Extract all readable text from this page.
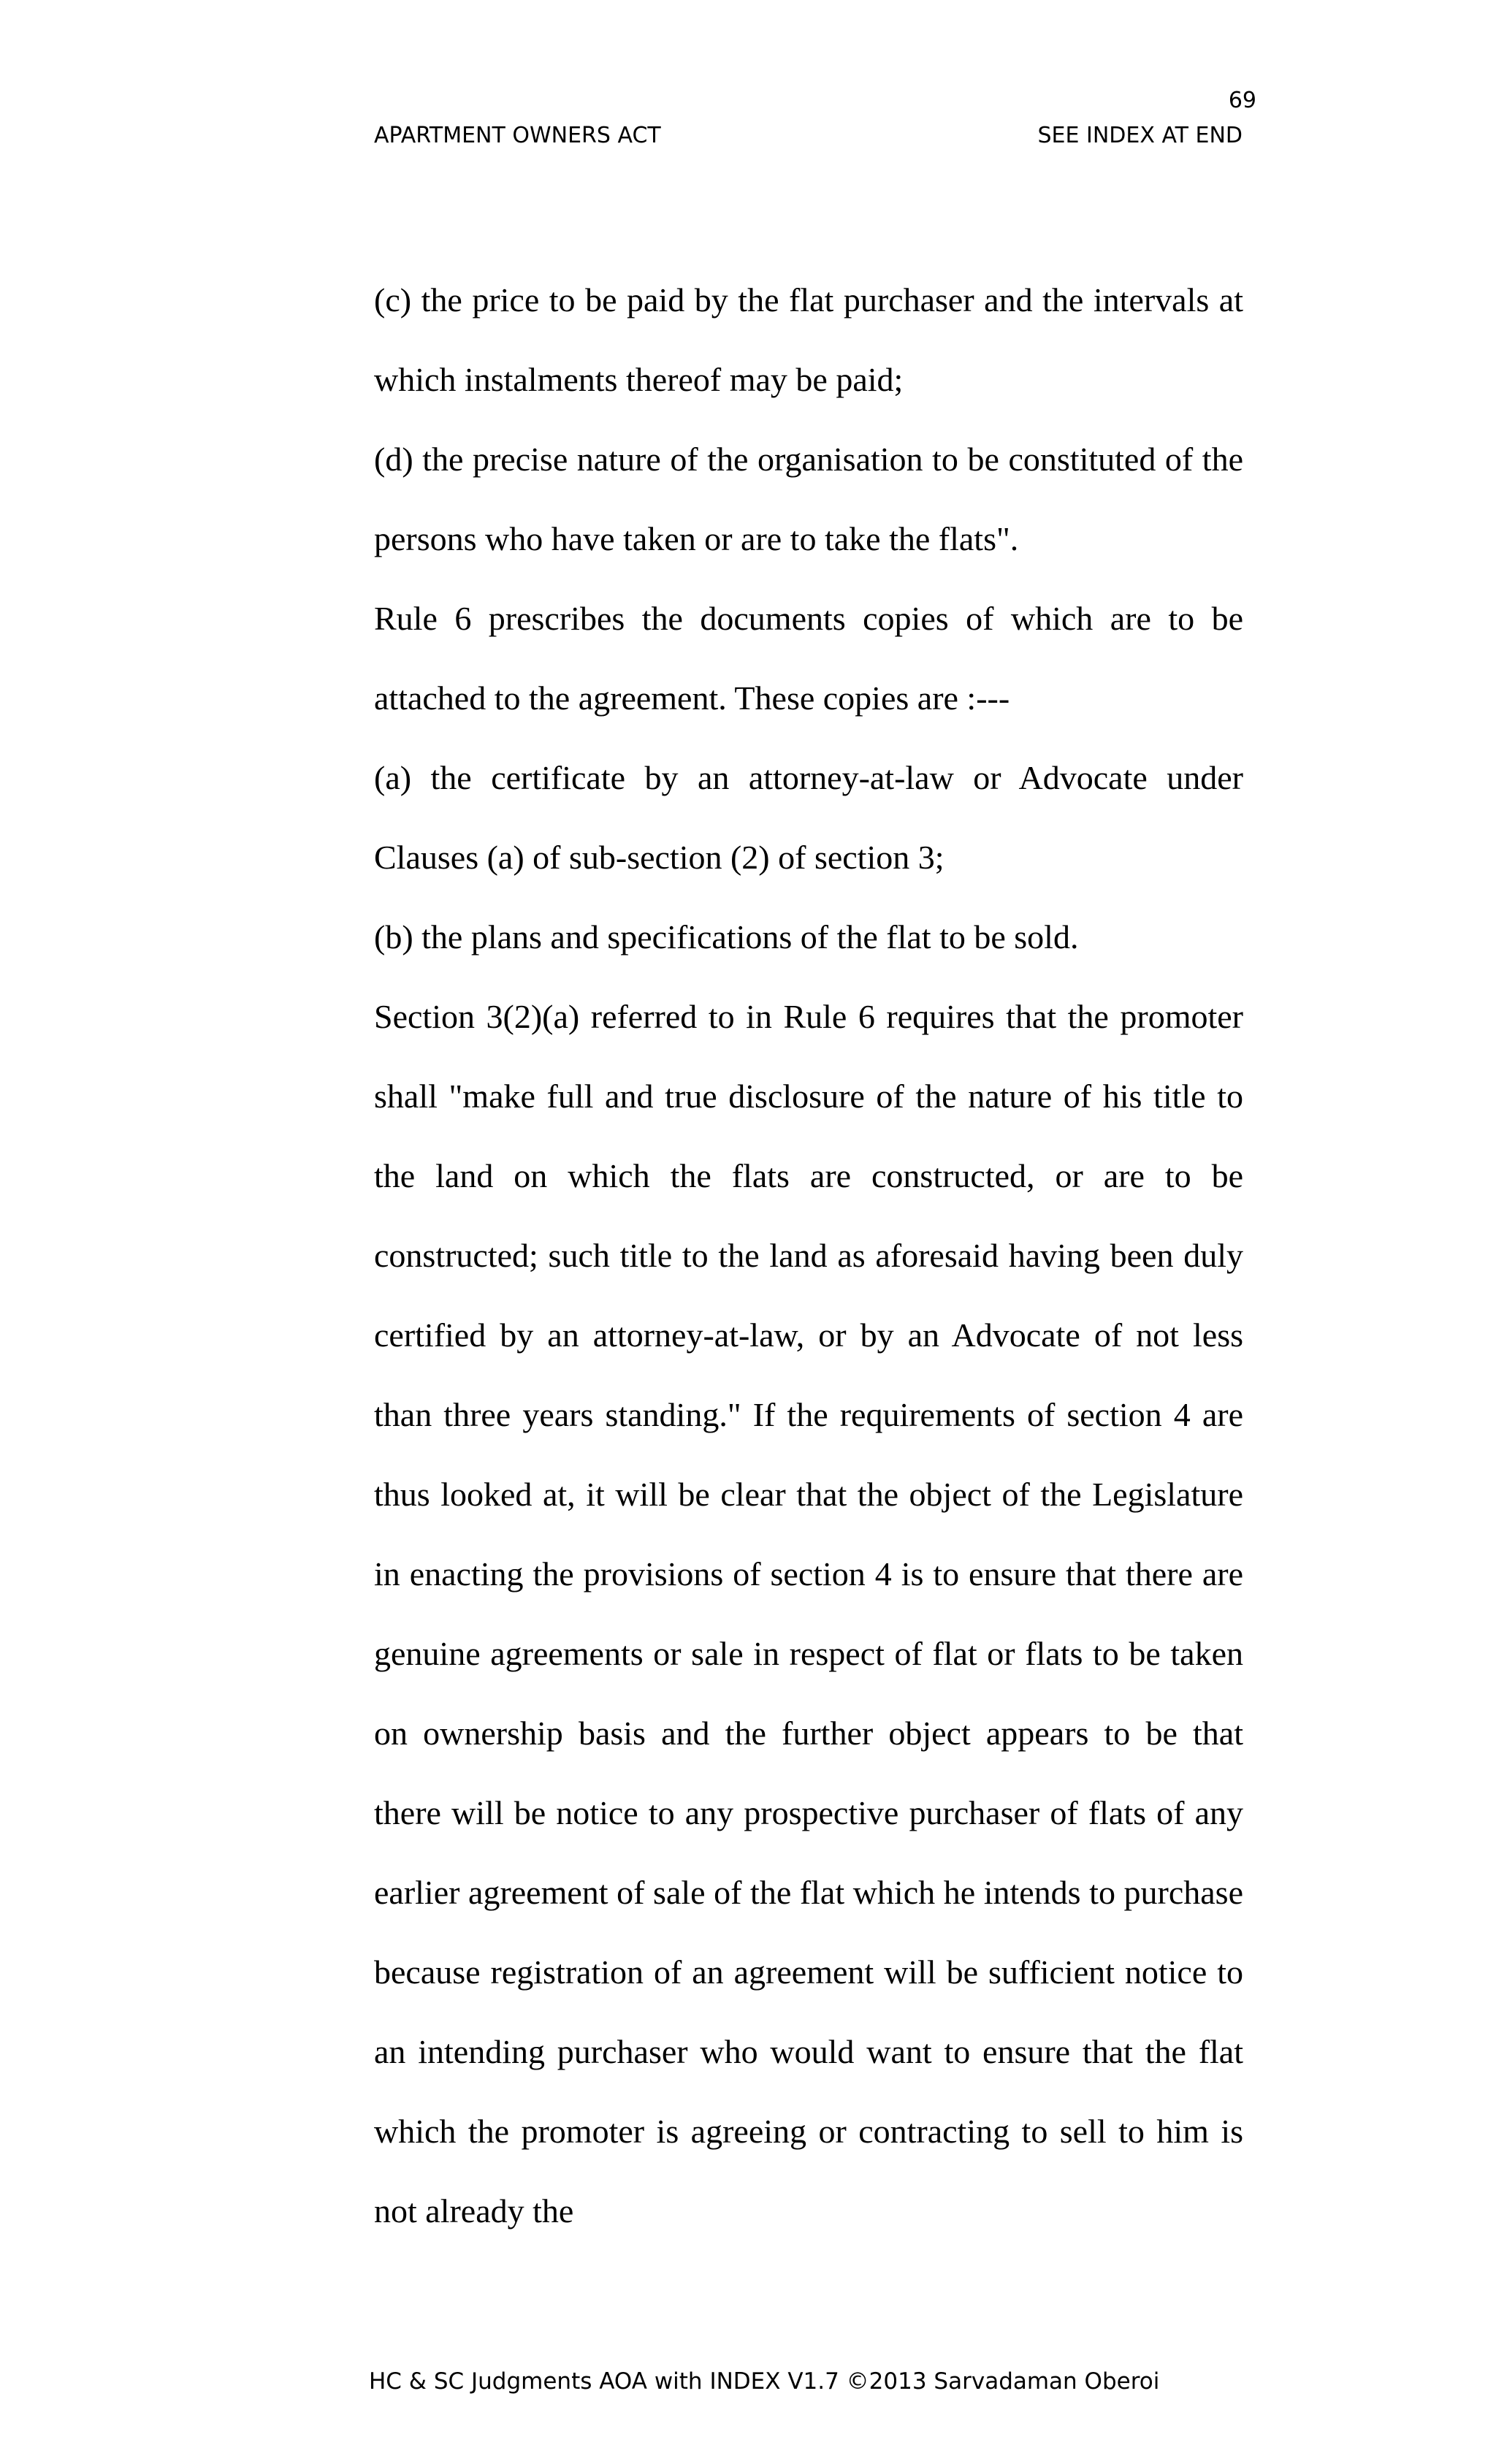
69
APARTMENT OWNERS ACT	SEE INDEX AT END

(c) the price to be paid by the flat purchaser and the intervals at which instalments thereof may be paid;

(d) the precise nature of the organisation to be constituted of the persons who have taken or are to take the flats".

Rule 6 prescribes the documents copies of which are to be attached to the agreement. These copies are :---

(a) the certificate by an attorney-at-law or Advocate under Clauses (a) of sub-section (2) of section 3;

(b) the plans and specifications of the flat to be sold.

Section 3(2)(a) referred to in Rule 6 requires that the promoter shall "make full and true disclosure of the nature of his title to the land on which the flats are constructed, or are to be constructed; such title to the land as aforesaid having been duly certified by an attorney-at-law, or by an Advocate of not less than three years standing." If the requirements of section 4 are thus looked at, it will be clear that the object of the Legislature in enacting the provisions of section 4 is to ensure that there are genuine agreements or sale in respect of flat or flats to be taken on ownership basis and the further object appears to be that there will be notice to any prospective purchaser of flats of any earlier agreement of sale of the flat which he intends to purchase because registration of an agreement will be sufficient notice to an intending purchaser who would want to ensure that the flat which the promoter is agreeing or contracting to sell to him is not already the

HC & SC Judgments AOA with INDEX V1.7 ©2013 Sarvadaman Oberoi
